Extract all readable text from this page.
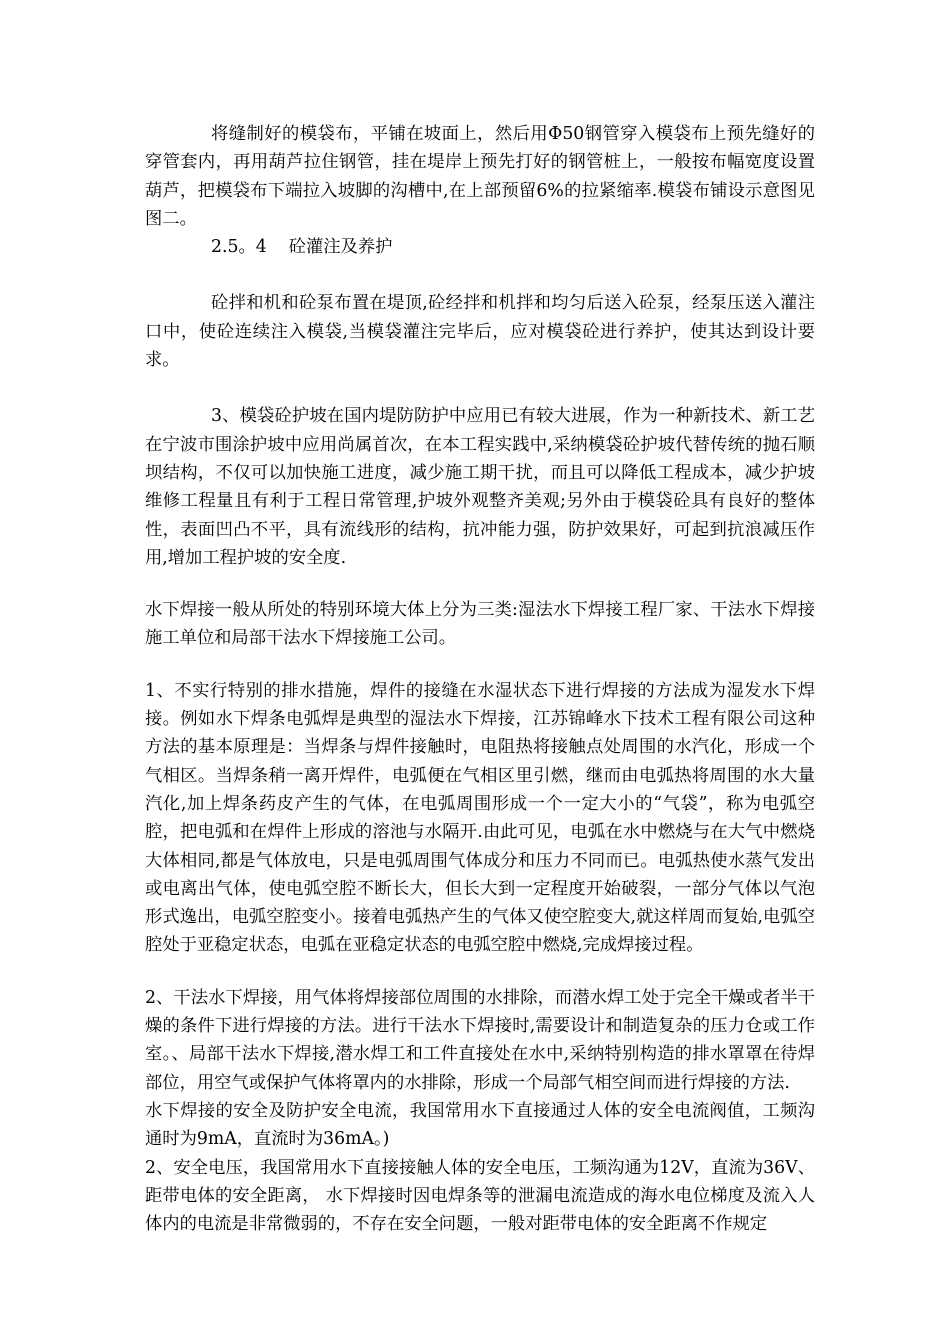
将缝制好的模袋布，平铺在坡面上，然后用Φ50钢管穿入模袋布上预先缝好的穿管套内，再用葫芦拉住钢管，挂在堤岸上预先打好的钢管桩上，一般按布幅宽度设置葫芦，把模袋布下端拉入坡脚的沟槽中,在上部预留6%的拉紧缩率.模袋布铺设示意图见图二。

2.5。4    砼灌注及养护

砼拌和机和砼泵布置在堤顶,砼经拌和机拌和均匀后送入砼泵，经泵压送入灌注口中，使砼连续注入模袋,当模袋灌注完毕后，应对模袋砼进行养护，使其达到设计要求。

3、模袋砼护坡在国内堤防防护中应用已有较大进展，作为一种新技术、新工艺在宁波市围涂护坡中应用尚属首次，在本工程实践中,采纳模袋砼护坡代替传统的抛石顺坝结构，不仅可以加快施工进度，减少施工期干扰，而且可以降低工程成本，减少护坡维修工程量且有利于工程日常管理,护坡外观整齐美观;另外由于模袋砼具有良好的整体性，表面凹凸不平，具有流线形的结构，抗冲能力强，防护效果好，可起到抗浪减压作用,增加工程护坡的安全度.

水下焊接一般从所处的特别环境大体上分为三类:湿法水下焊接工程厂家、干法水下焊接施工单位和局部干法水下焊接施工公司。

1、不实行特别的排水措施，焊件的接缝在水湿状态下进行焊接的方法成为湿发水下焊接。例如水下焊条电弧焊是典型的湿法水下焊接，江苏锦峰水下技术工程有限公司这种方法的基本原理是：当焊条与焊件接触时，电阻热将接触点处周围的水汽化，形成一个气相区。当焊条稍一离开焊件，电弧便在气相区里引燃，继而由电弧热将周围的水大量汽化,加上焊条药皮产生的气体，在电弧周围形成一个一定大小的“气袋”，称为电弧空腔，把电弧和在焊件上形成的溶池与水隔开.由此可见，电弧在水中燃烧与在大气中燃烧大体相同,都是气体放电，只是电弧周围气体成分和压力不同而已。电弧热使水蒸气发出或电离出气体，使电弧空腔不断长大，但长大到一定程度开始破裂，一部分气体以气泡形式逸出，电弧空腔变小。接着电弧热产生的气体又使空腔变大,就这样周而复始,电弧空腔处于亚稳定状态，电弧在亚稳定状态的电弧空腔中燃烧,完成焊接过程。

2、干法水下焊接，用气体将焊接部位周围的水排除，而潜水焊工处于完全干燥或者半干燥的条件下进行焊接的方法。进行干法水下焊接时,需要设计和制造复杂的压力仓或工作室。、局部干法水下焊接,潜水焊工和工件直接处在水中,采纳特别构造的排水罩罩在待焊部位，用空气或保护气体将罩内的水排除，形成一个局部气相空间而进行焊接的方法.

水下焊接的安全及防护安全电流，我国常用水下直接通过人体的安全电流阀值，工频沟通时为9mA，直流时为36mA。)

2、安全电压，我国常用水下直接接触人体的安全电压，工频沟通为12V，直流为36V、距带电体的安全距离， 水下焊接时因电焊条等的泄漏电流造成的海水电位梯度及流入人体内的电流是非常微弱的，不存在安全问题，一般对距带电体的安全距离不作规定
